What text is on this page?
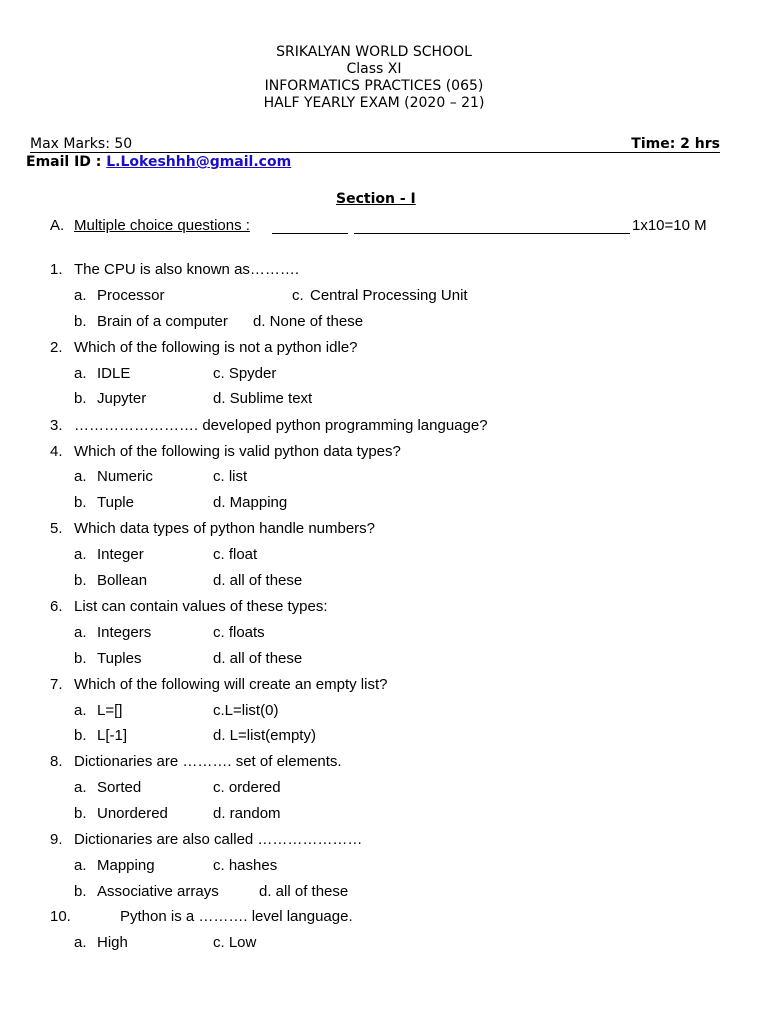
SRIKALYAN WORLD SCHOOL
Class XI
INFORMATICS PRACTICES (065)
HALF YEARLY EXAM (2020 – 21)
Max Marks: 50	Time: 2 hrs
Email ID : L.Lokeshhh@gmail.com
Section - I
A. Multiple choice questions :	1x10=10 M
1. The CPU is also known as……….
a. Processor	c. Central Processing Unit
b. Brain of a computer d. None of these
2. Which of the following is not a python idle?
a. IDLE	c. Spyder
b. Jupyter	d. Sublime text
3. ……………………. developed python programming language?
4. Which of the following is valid python data types?
a. Numeric	c. list
b. Tuple	d. Mapping
5. Which data types of python handle numbers?
a. Integer	c. float
b. Bollean	d. all of these
6. List can contain values of these types:
a. Integers	c. floats
b. Tuples	d. all of these
7. Which of the following will create an empty list?
a. L=[]	c.L=list(0)
b. L[-1]	d. L=list(empty)
8. Dictionaries are ………. set of elements.
a. Sorted	c. ordered
b. Unordered	d. random
9. Dictionaries are also called …………………
a. Mapping	c. hashes
b. Associative arrays	d. all of these
10.	Python is a ………. level language.
a. High	c. Low
